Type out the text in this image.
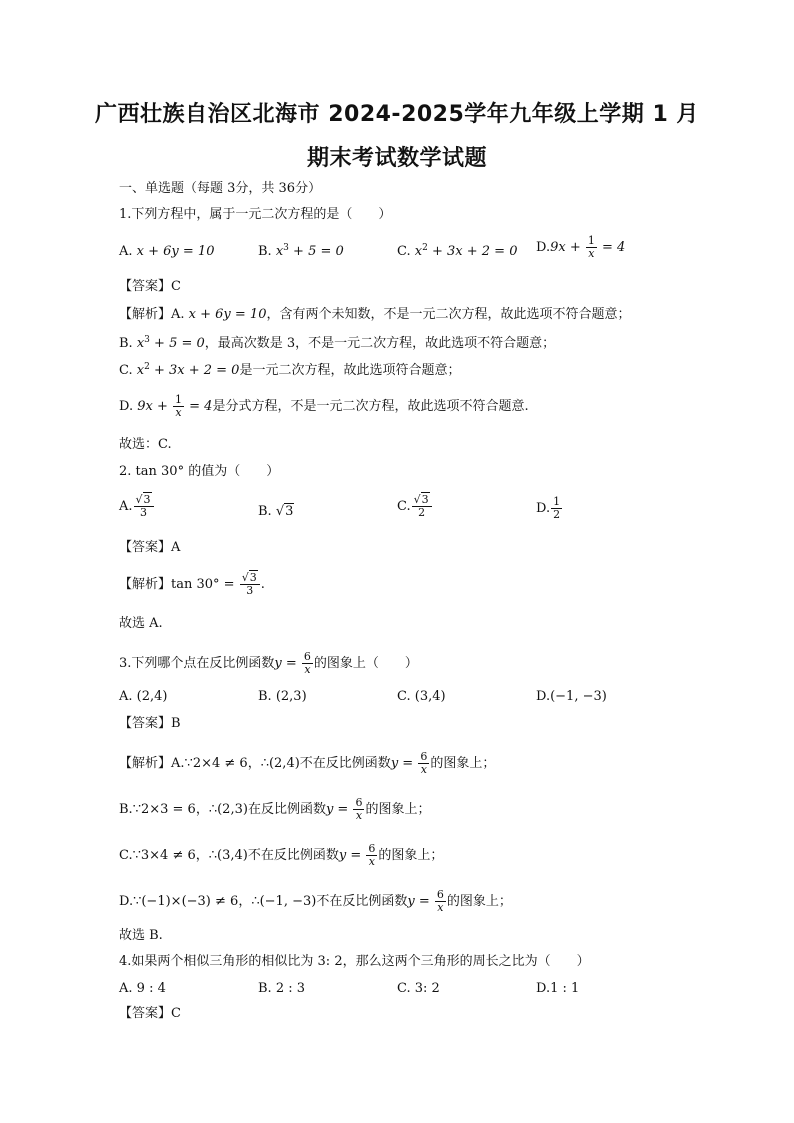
广西壮族自治区北海市 2024-2025学年九年级上学期 1 月
期末考试数学试题
一、单选题（每题 3分，共 36分）
1.下列方程中，属于一元二次方程的是（　　）
A. x + 6y = 10	B. $x^3 + 5 = 0$	C. $x^2 + 3x + 2 = 0$ $D.9x + \frac{1}{x} = 4$
【答案】C
【解析】A. x + 6y = 10，含有两个未知数，不是一元二次方程，故此选项不符合题意；
B. $x^3 + 5 = 0$，最高次数是 3，不是一元二次方程，故此选项不符合题意；
C. $x^2 + 3x + 2 = 0$是一元二次方程，故此选项符合题意；
D. $9x + \frac{1}{x} = 4$是分式方程，不是一元二次方程，故此选项不符合题意.
故选：C.
2. tan 30° 的值为（　　）
A. $\frac{√3}{3}$	B. √3	C. $\frac{√3}{2}$	D. $\frac{1}{2}$
【答案】A
【解析】$\tan 30^\circ = \frac{√3}{3}$ .
故选 A.
3.下列哪个点在反比例函数$y = \frac{6}{x}$ 的图象上（　　）
A. (2,4)	B. (2,3)	C. (3,4)	D.(−1, −3)
【答案】B
【解析】A.∵2×4 ≠ 6，∴(2,4)不在反比例函数$y = \frac{6}{x}$ 的图象上；
B.∵2×3 = 6，∴(2,3)在反比例函数$y = \frac{6}{x}$ 的图象上；
C.∵3×4 ≠ 6，∴(3,4)不在反比例函数$y = \frac{6}{x}$ 的图象上；
D.∵(−1)×(−3) ≠ 6，∴(−1, −3)不在反比例函数$y = \frac{6}{x}$ 的图象上；
故选 B.
4.如果两个相似三角形的相似比为 3: 2，那么这两个三角形的周长之比为（　　）
A. 9 : 4	B. 2 : 3	C. 3: 2	D.1 : 1
【答案】C
